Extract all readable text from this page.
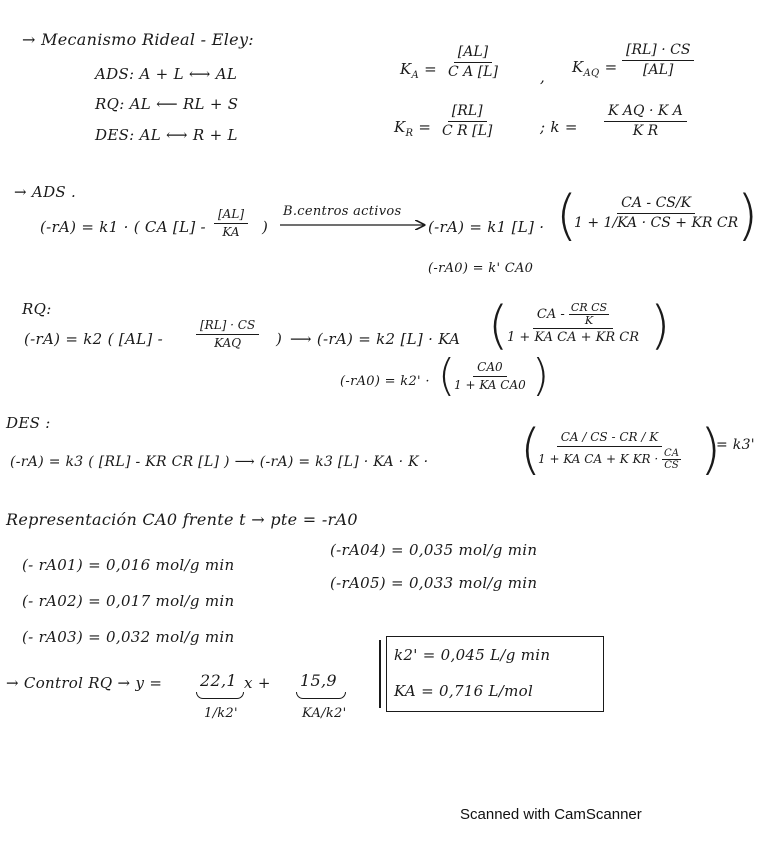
→ Mecanismo Rideal - Eley:
ADS: A + L ⟷ AL
RQ: AL ⟵ RL + S
DES: AL ⟷ R + L
$K_A = \frac{[AL]}{\text{C A [L]}}$	,
$K_{AQ} = \frac{[RL] \cdot CS}{[AL]}$
$K_R = \frac{[RL]}{\text{C R [L]}}$	; $k = \frac{\text{K AQ · K A}}{\text{K R}}$
→ ADS .
(-rA) = k1 · ( CA $[L] - \frac{[AL]}{KA}$ )
B.centros activos
(-rA) = k1 [L] · (
$\frac{CA - CS/K}{\text{1 + 1/KA · CS + KR CR}}$
)
(-rA0) = k' CA0
RQ:
(-rA) = k2 ( [AL] -
[RL] · CS
KAQ ) ⟶ (-rA) = k2 [L] · KA (
$\frac{CA - \frac{\text{CR CS}}{K}}{\text{1 + KA CA + KR CR}}$ )
(-rA0) = k2' · (
$\frac{CA0}{\text{1 + KA CA0}}$ )
DES :
(-rA) = k3 ( [RL] - KR CR [L] ) ⟶ (-rA) = k3 [L] · KA · K · (
$\frac{CA / CS - CR / K}{1 + KA CA + K KR \cdot \frac{CA}{CS}}$ )
= k3'
Representación CA0 frente t → pte = -rA0
(- rA01) = 0,016 mol/g min
(- rA02) = 0,017 mol/g min
(- rA03) = 0,032 mol/g min
(-rA04) = 0,035 mol/g min
(-rA05) = 0,033 mol/g min
→ Control RQ → y = 22,1 x + 15,9
1/k2'	KA/k2'
k2' = 0,045 L/g min
KA = 0,716 L/mol
Scanned with CamScanner
